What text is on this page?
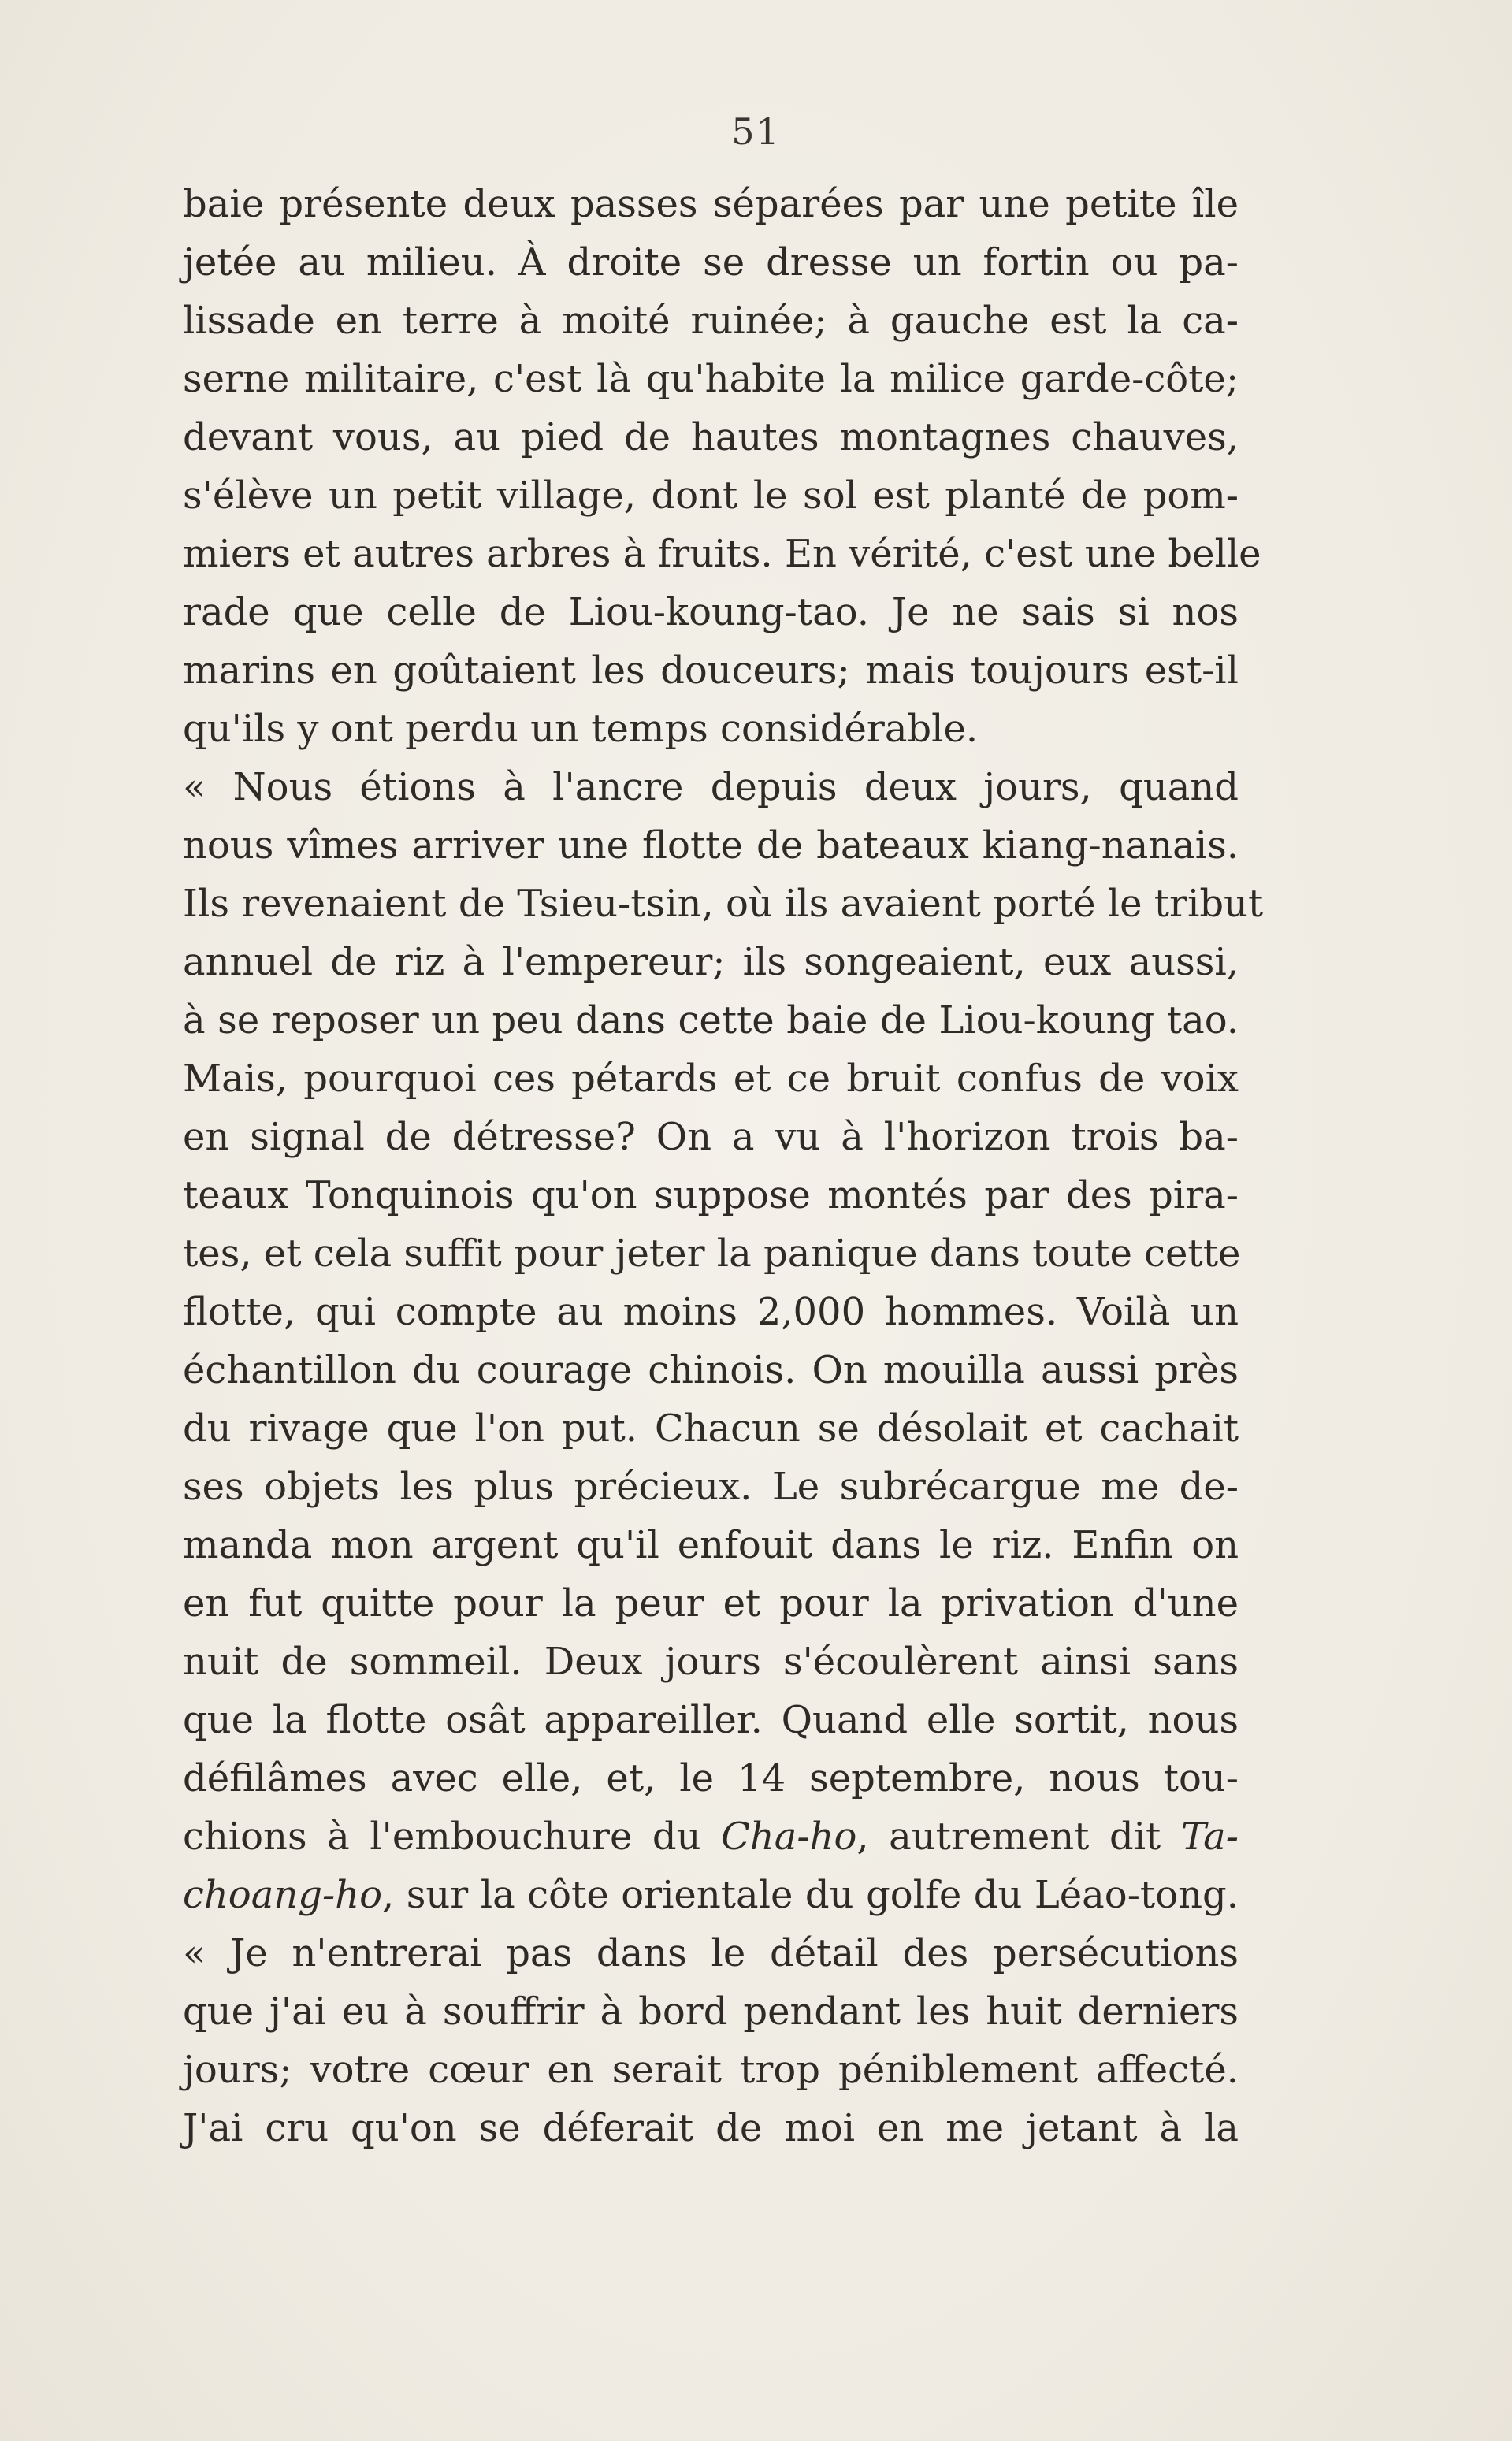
51
baie présente deux passes séparées par une petite île
jetée au milieu. À droite se dresse un fortin ou pa-
lissade en terre à moité ruinée; à gauche est la ca-
serne militaire, c'est là qu'habite la milice garde-côte;
devant vous, au pied de hautes montagnes chauves,
s'élève un petit village, dont le sol est planté de pom-
miers et autres arbres à fruits. En vérité, c'est une belle
rade que celle de Liou-koung-tao. Je ne sais si nos
marins en goûtaient les douceurs; mais toujours est-il
qu'ils y ont perdu un temps considérable.
« Nous étions à l'ancre depuis deux jours, quand
nous vîmes arriver une flotte de bateaux kiang-nanais.
Ils revenaient de Tsieu-tsin, où ils avaient porté le tribut
annuel de riz à l'empereur; ils songeaient, eux aussi,
à se reposer un peu dans cette baie de Liou-koung tao.
Mais, pourquoi ces pétards et ce bruit confus de voix
en signal de détresse? On a vu à l'horizon trois ba-
teaux Tonquinois qu'on suppose montés par des pira-
tes, et cela suffit pour jeter la panique dans toute cette
flotte, qui compte au moins 2,000 hommes. Voilà un
échantillon du courage chinois. On mouilla aussi près
du rivage que l'on put. Chacun se désolait et cachait
ses objets les plus précieux. Le subrécargue me de-
manda mon argent qu'il enfouit dans le riz. Enfin on
en fut quitte pour la peur et pour la privation d'une
nuit de sommeil. Deux jours s'écoulèrent ainsi sans
que la flotte osât appareiller. Quand elle sortit, nous
défilâmes avec elle, et, le 14 septembre, nous tou-
chions à l'embouchure du Cha-ho, autrement dit Ta-
choang-ho, sur la côte orientale du golfe du Léao-tong.
« Je n'entrerai pas dans le détail des persécutions
que j'ai eu à souffrir à bord pendant les huit derniers
jours; votre cœur en serait trop péniblement affecté.
J'ai cru qu'on se déferait de moi en me jetant à la
